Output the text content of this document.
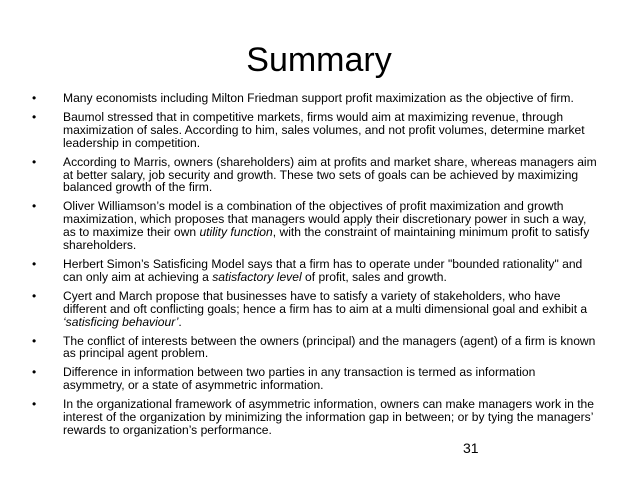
Summary
• Many economists including Milton Friedman support profit maximization as the objective of firm.
• Baumol stressed that in competitive markets, firms would aim at maximizing revenue, through maximization of sales. According to him, sales volumes, and not profit volumes, determine market leadership in competition.
• According to Marris, owners (shareholders) aim at profits and market share, whereas managers aim at better salary, job security and growth. These two sets of goals can be achieved by maximizing balanced growth of the firm.
• Oliver Williamson’s model is a combination of the objectives of profit maximization and growth maximization, which proposes that managers would apply their discretionary power in such a way, as to maximize their own utility function, with the constraint of maintaining minimum profit to satisfy shareholders.
• Herbert Simon’s Satisficing Model says that a firm has to operate under "bounded rationality" and can only aim at achieving a satisfactory level of profit, sales and growth.
• Cyert and March propose that businesses have to satisfy a variety of stakeholders, who have different and oft conflicting goals; hence a firm has to aim at a multi dimensional goal and exhibit a ‘satisficing behaviour’.
• The conflict of interests between the owners (principal) and the managers (agent) of a firm is known as principal agent problem.
• Difference in information between two parties in any transaction is termed as information asymmetry, or a state of asymmetric information.
• In the organizational framework of asymmetric information, owners can make managers work in the interest of the organization by minimizing the information gap in between; or by tying the managers’ rewards to organization’s performance.
31
